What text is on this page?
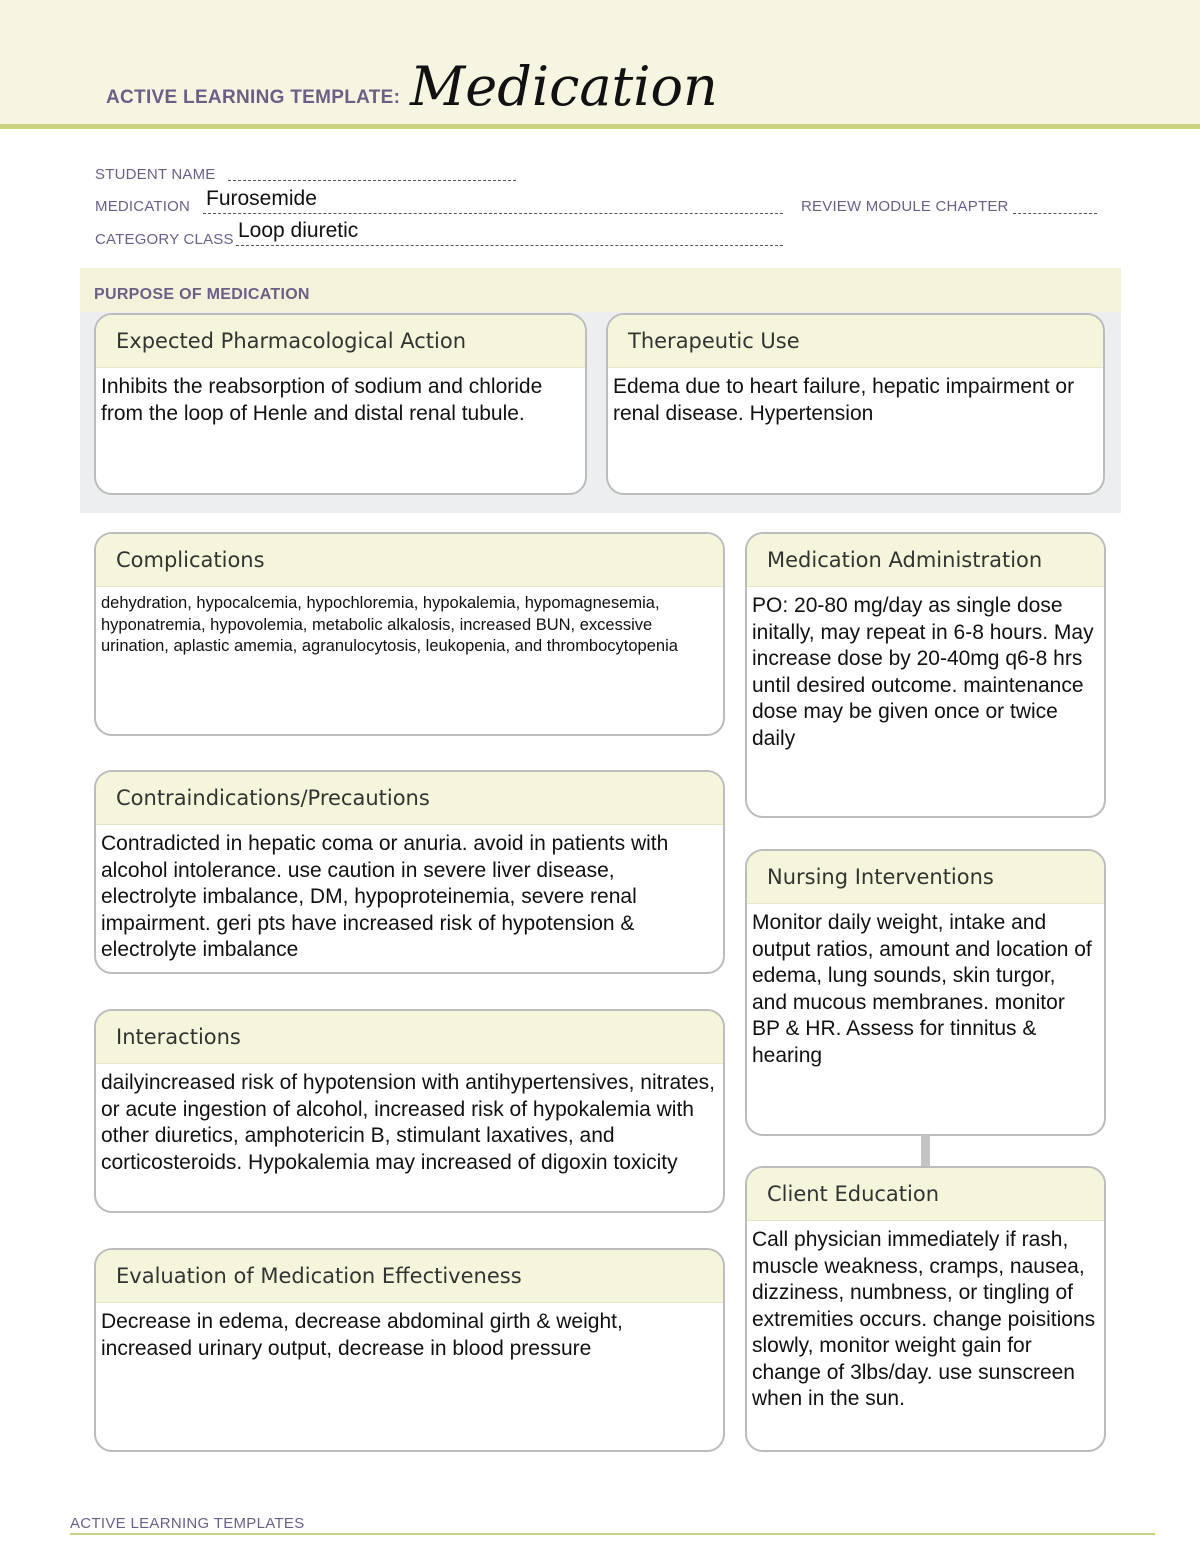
ACTIVE LEARNING TEMPLATE: Medication
STUDENT NAME
MEDICATION Furosemide	REVIEW MODULE CHAPTER
CATEGORY CLASS Loop diuretic
PURPOSE OF MEDICATION
Expected Pharmacological Action
Inhibits the reabsorption of sodium and chloride from the loop of Henle and distal renal tubule.
Therapeutic Use
Edema due to heart failure, hepatic impairment or renal disease. Hypertension
Complications
dehydration, hypocalcemia, hypochloremia, hypokalemia, hypomagnesemia, hyponatremia, hypovolemia, metabolic alkalosis, increased BUN, excessive urination, aplastic amemia, agranulocytosis, leukopenia, and thrombocytopenia
Contraindications/Precautions
Contradicted in hepatic coma or anuria. avoid in patients with alcohol intolerance. use caution in severe liver disease, electrolyte imbalance, DM, hypoproteinemia, severe renal impairment. geri pts have increased risk of hypotension & electrolyte imbalance
Interactions
dailyincreased risk of hypotension with antihypertensives, nitrates, or acute ingestion of alcohol, increased risk of hypokalemia with other diuretics, amphotericin B, stimulant laxatives, and corticosteroids. Hypokalemia may increased of digoxin toxicity
Evaluation of Medication Effectiveness
Decrease in edema, decrease abdominal girth & weight, increased urinary output, decrease in blood pressure
Medication Administration
PO: 20-80 mg/day as single dose initally, may repeat in 6-8 hours. May increase dose by 20-40mg q6-8 hrs until desired outcome. maintenance dose may be given once or twice daily
Nursing Interventions
Monitor daily weight, intake and output ratios, amount and location of edema, lung sounds, skin turgor, and mucous membranes. monitor BP & HR. Assess for tinnitus & hearing
Client Education
Call physician immediately if rash, muscle weakness, cramps, nausea, dizziness, numbness, or tingling of extremities occurs. change poisitions slowly, monitor weight gain for change of 3lbs/day. use sunscreen when in the sun.
ACTIVE LEARNING TEMPLATES
